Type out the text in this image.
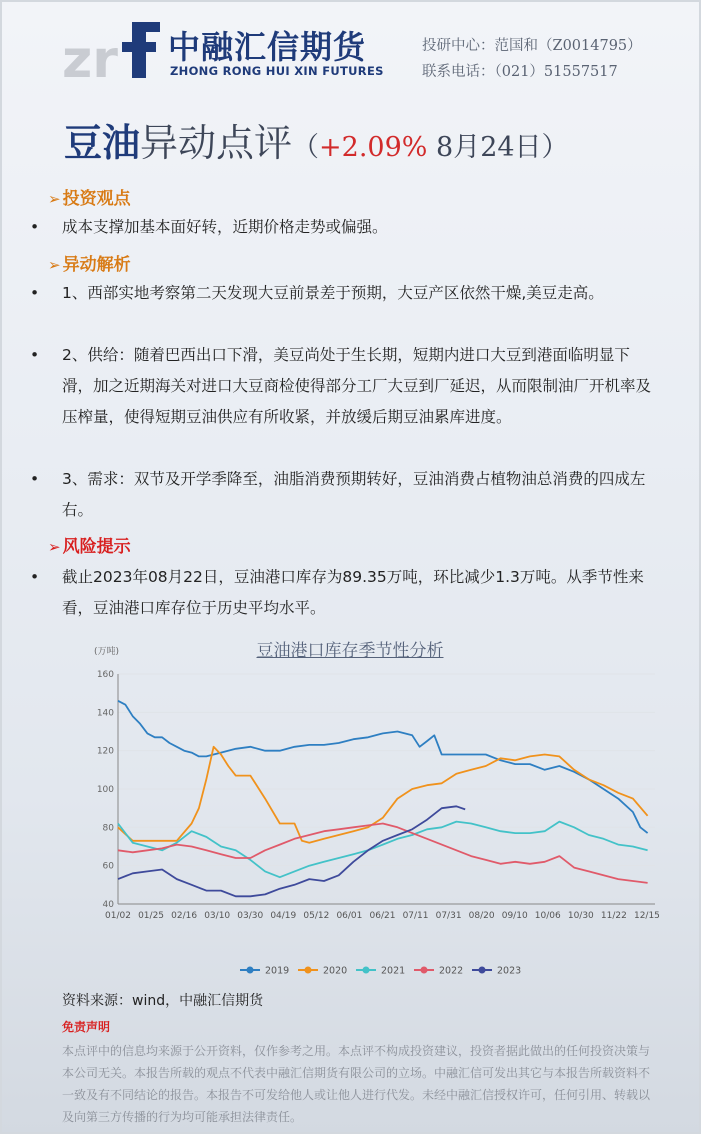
zr 中融汇信期货
ZHONG RONG HUI XIN FUTURES
投研中心：范国和（Z0014795）
联系电话：（021）51557517
豆油异动点评（+2.09% 8月24日）
➢ 投资观点
• 成本支撑加基本面好转，近期价格走势或偏强。
➢ 异动解析
• 1、西部实地考察第二天发现大豆前景差于预期，大豆产区依然干燥,美豆走高。
• 2、供给：随着巴西出口下滑，美豆尚处于生长期，短期内进口大豆到港面临明显下滑，加之近期海关对进口大豆商检使得部分工厂大豆到厂延迟，从而限制油厂开机率及压榨量，使得短期豆油供应有所收紧，并放缓后期豆油累库进度。
• 3、需求：双节及开学季降至，油脂消费预期转好，豆油消费占植物油总消费的四成左右。
➢ 风险提示
• 截止2023年08月22日，豆油港口库存为89.35万吨，环比减少1.3万吨。从季节性来看，豆油港口库存位于历史平均水平。
豆油港口库存季节性分析
(万吨)
40
60
80
100
120
140
160
01/02 01/25 02/16 03/10 03/30 04/19 05/12 06/01 06/21 07/11 07/31 08/20 09/10 10/06 10/30 11/22 12/15
2019	2020	2021	2022	2023
资料来源：wind，中融汇信期货
免责声明
本点评中的信息均来源于公开资料，仅作参考之用。本点评不构成投资建议，投资者据此做出的任何投资决策与本公司无关。本报告所载的观点不代表中融汇信期货有限公司的立场。中融汇信可发出其它与本报告所载资料不一致及有不同结论的报告。本报告不可发给他人或让他人进行代发。未经中融汇信授权许可，任何引用、转载以及向第三方传播的行为均可能承担法律责任。
